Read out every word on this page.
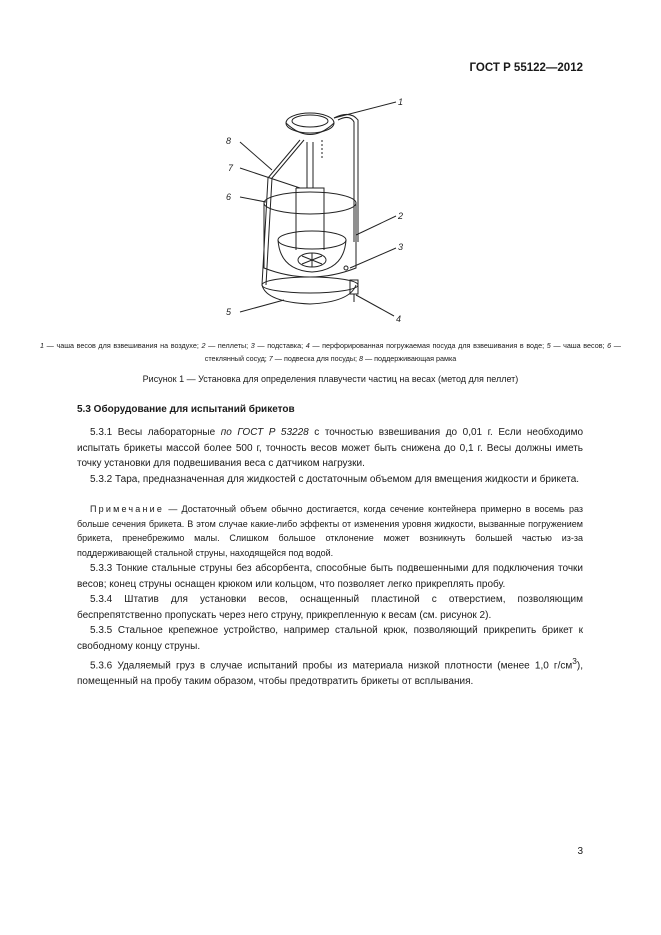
ГОСТ Р 55122—2012
1
2
3
4
5
6
7
8
1 — чаша весов для взвешивания на воздухе; 2 — пеллеты; 3 — подставка; 4 — перфорированная погружаемая посуда для взвешивания в воде; 5 — чаша весов; 6 — стеклянный сосуд; 7 — подвеска для посуды; 8 — поддерживающая рамка
Рисунок 1 — Установка для определения плавучести частиц на весах (метод для пеллет)
5.3 Оборудование для испытаний брикетов

5.3.1 Весы лабораторные по ГОСТ Р 53228 с точностью взвешивания до 0,01 г. Если необходимо испытать брикеты массой более 500 г, точность весов может быть снижена до 0,1 г. Весы должны иметь точку установки для подвешивания веса с датчиком нагрузки.

5.3.2 Тара, предназначенная для жидкостей с достаточным объемом для вмещения жидкости и брикета.

Примечание — Достаточный объем обычно достигается, когда сечение контейнера примерно в восемь раз больше сечения брикета. В этом случае какие-либо эффекты от изменения уровня жидкости, вызванные погружением брикета, пренебрежимо малы. Слишком большое отклонение может возникнуть большей частью из-за поддерживающей стальной струны, находящейся под водой.

5.3.3 Тонкие стальные струны без абсорбента, способные быть подвешенными для подключения точки весов; конец струны оснащен крюком или кольцом, что позволяет легко прикреплять пробу.

5.3.4 Штатив для установки весов, оснащенный пластиной с отверстием, позволяющим беспрепятственно пропускать через него струну, прикрепленную к весам (см. рисунок 2).

5.3.5 Стальное крепежное устройство, например стальной крюк, позволяющий прикрепить брикет к свободному концу струны.

5.3.6 Удаляемый груз в случае испытаний пробы из материала низкой плотности (менее 1,0 $г/см^3$), помещенный на пробу таким образом, чтобы предотвратить брикеты от всплывания.

3
